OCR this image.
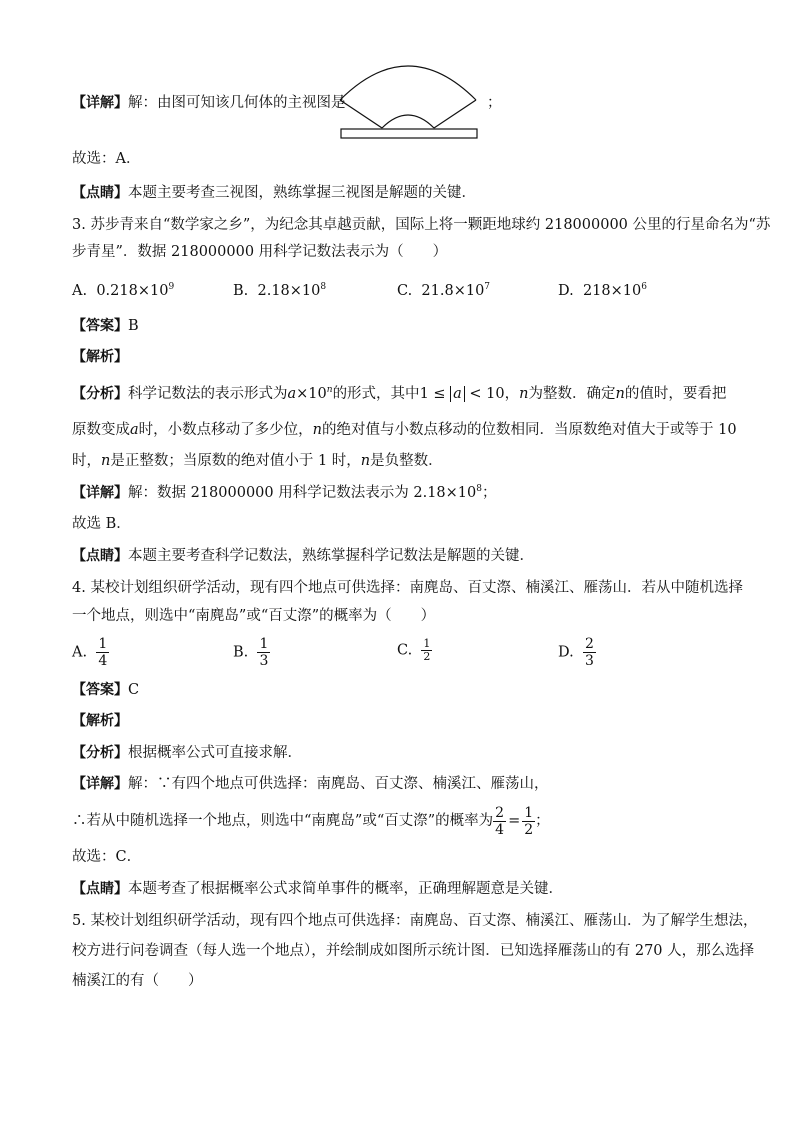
【详解】解：由图可知该几何体的主视图是	；
故选：A．
【点睛】本题主要考查三视图，熟练掌握三视图是解题的关键．
3. 苏步青来自“数学家之乡”，为纪念其卓越贡献，国际上将一颗距地球约 218000000 公里的行星命名为“苏
步青星”．数据 218000000 用科学记数法表示为（　　）
A. $0.218\times 10^9$	B. $2.18\times 10^8$	C. $21.8\times 10^7$	D. $218\times 10^6$
【答案】B
【解析】
【分析】科学记数法的表示形式为$a\times 10^n$的形式，其中1 ≤ a < 10，n为整数．确定n的值时，要看把
原数变成a时，小数点移动了多少位，n的绝对值与小数点移动的位数相同．当原数绝对值大于或等于 10
时，n是正整数；当原数的绝对值小于 1 时，n是负整数．
【详解】解：数据 218000000 用科学记数法表示为 $2.18\times 10^8$；
故选 B．
【点睛】本题主要考查科学记数法，熟练掌握科学记数法是解题的关键．
4. 某校计划组织研学活动，现有四个地点可供选择：南麂岛、百丈漈、楠溪江、雁荡山．若从中随机选择
一个地点，则选中“南麂岛”或“百丈漈”的概率为（　　）
A. $\frac{1}{4}$	B. $\frac{1}{3}$	C. $\frac{1}{2}$	D. $\frac{2}{3}$
【答案】C
【解析】
【分析】根据概率公式可直接求解．
【详解】解：∵有四个地点可供选择：南麂岛、百丈漈、楠溪江、雁荡山，
∴若从中随机选择一个地点，则选中“南麂岛”或“百丈漈”的概率为 $\frac{2}{4} = \frac{1}{2}$ ；
故选：C．
【点睛】本题考查了根据概率公式求简单事件的概率，正确理解题意是关键．
5. 某校计划组织研学活动，现有四个地点可供选择：南麂岛、百丈漈、楠溪江、雁荡山．为了解学生想法，
校方进行问卷调查（每人选一个地点），并绘制成如图所示统计图．已知选择雁荡山的有 270 人，那么选择
楠溪江的有（　　）
